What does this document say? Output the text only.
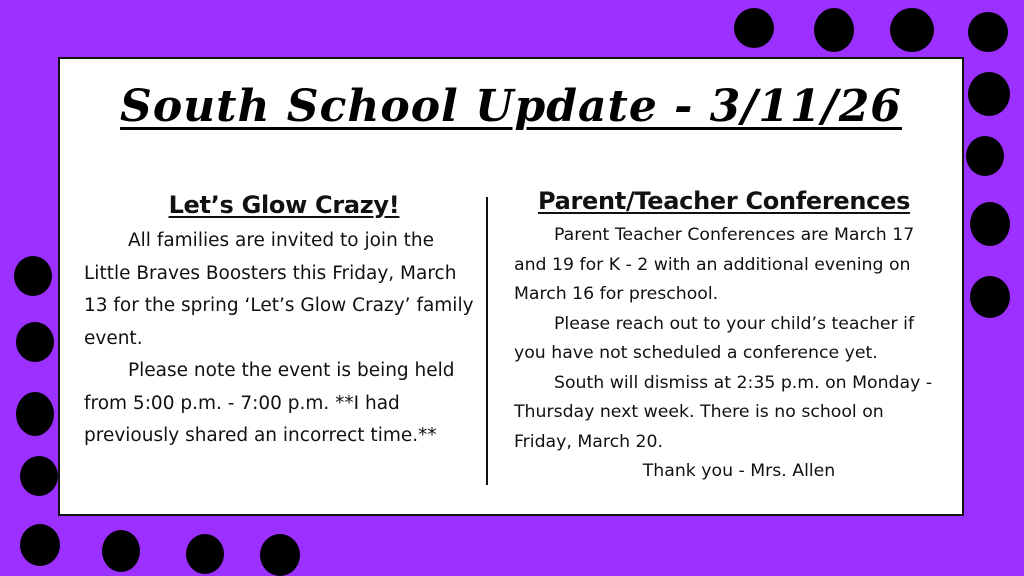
South School Update - 3/11/26
Let’s Glow Crazy!

All families are invited to join the Little Braves Boosters this Friday, March 13 for the spring ‘Let’s Glow Crazy’ family event.

Please note the event is being held from 5:00 p.m. - 7:00 p.m. **I had previously shared an incorrect time.**

Parent/Teacher Conferences

Parent Teacher Conferences are March 17 and 19 for K - 2 with an additional evening on March 16 for preschool.

Please reach out to your child’s teacher if you have not scheduled a conference yet.

South will dismiss at 2:35 p.m. on Monday - Thursday next week. There is no school on Friday, March 20.

Thank you - Mrs. Allen
